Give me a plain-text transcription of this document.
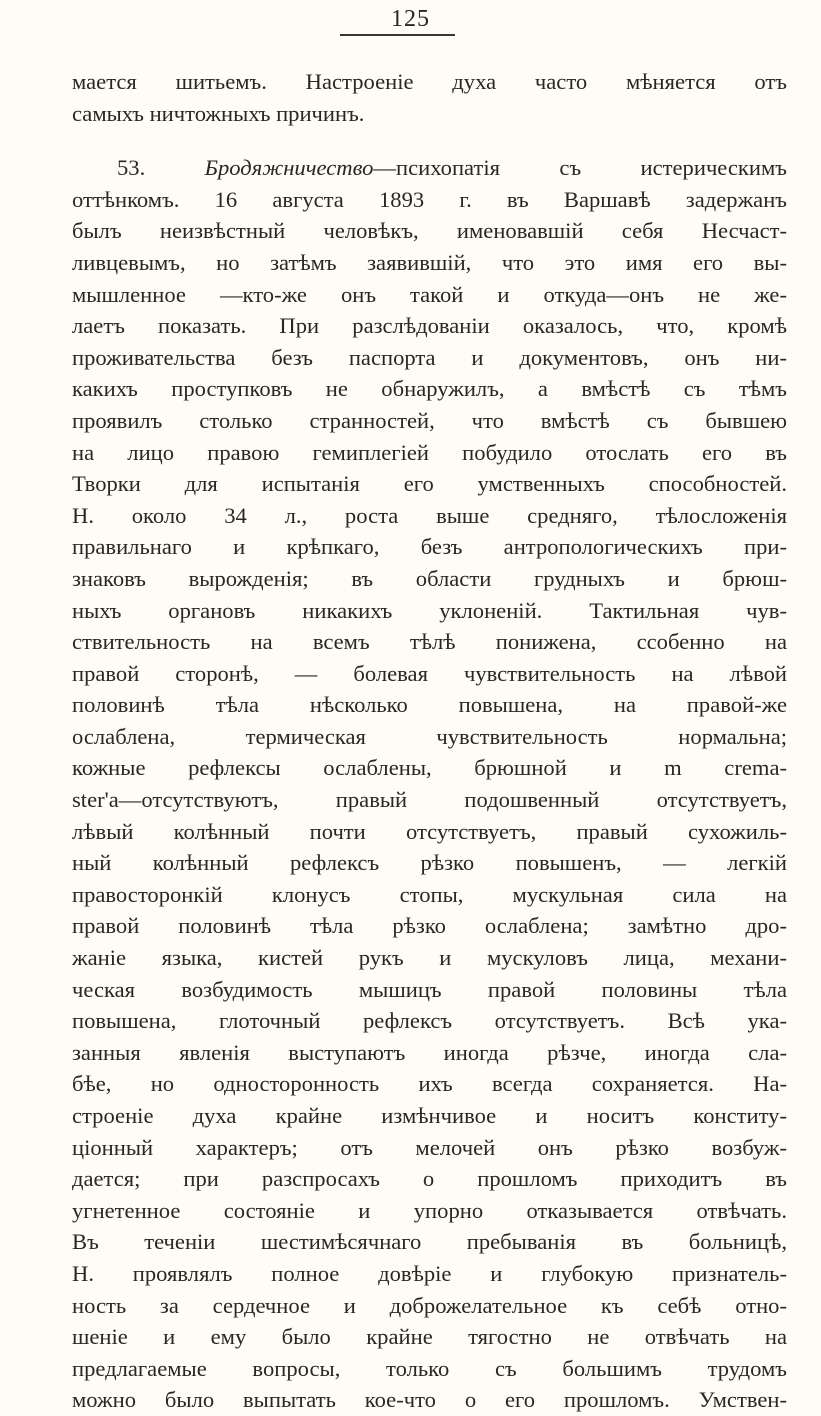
125
мается шитьемъ. Настроеніе духа часто мѣняется отъ
самыхъ ничтожныхъ причинъ.
53.	Бродяжничество—психопатія съ истерическимъ
оттѣнкомъ. 16 августа 1893 г. въ Варшавѣ задержанъ
былъ неизвѣстный человѣкъ, именовавшій себя Несчаст-
ливцевымъ, но затѣмъ заявившій, что это имя его вы-
мышленное —кто-же онъ такой и откуда—онъ не же-
лаетъ показать. При разслѣдованіи оказалось, что, кромѣ
проживательства безъ паспорта и документовъ, онъ ни-
какихъ проступковъ не обнаружилъ, а вмѣстѣ съ тѣмъ
проявилъ столько странностей, что вмѣстѣ съ бывшею
на лицо правою гемиплегіей побудило отослать его въ
Творки для испытанія его умственныхъ способностей.
Н. около 34 л., роста выше средняго, тѣлосложенія
правильнаго и крѣпкаго, безъ антропологическихъ при-
знаковъ вырожденія; въ области грудныхъ и брюш-
ныхъ органовъ никакихъ уклоненій. Тактильная чув-
ствительность на всемъ тѣлѣ понижена, ссобенно на
правой сторонѣ, — болевая чувствительность на лѣвой
половинѣ тѣла нѣсколько повышена, на правой-же
ослаблена, термическая чувствительность нормальна;
кожные рефлексы ослаблены, брюшной и m crema-
ster'a—отсутствуютъ, правый подошвенный отсутствуетъ,
лѣвый колѣнный почти отсутствуетъ, правый сухожиль-
ный колѣнный рефлексъ рѣзко повышенъ, — легкій
правосторонкій клонусъ стопы, мускульная сила на
правой половинѣ тѣла рѣзко ослаблена; замѣтно дро-
жаніе языка, кистей рукъ и мускуловъ лица, механи-
ческая возбудимость мышицъ правой половины тѣла
повышена, глоточный рефлексъ отсутствуетъ. Всѣ ука-
занныя явленія выступаютъ иногда рѣзче, иногда сла-
бѣе, но односторонность ихъ всегда сохраняется. На-
строеніе духа крайне измѣнчивое и носитъ конститу-
ціонный характеръ; отъ мелочей онъ рѣзко возбуж-
дается; при разспросахъ о прошломъ приходитъ въ
угнетенное состояніе и упорно отказывается отвѣчать.
Въ теченіи шестимѣсячнаго пребыванія въ больницѣ,
Н. проявлялъ полное довѣріе и глубокую признатель-
ность за сердечное и доброжелательное къ себѣ отно-
шеніе и ему было крайне тягостно не отвѣчать на
предлагаемые вопросы, только съ большимъ трудомъ
можно было выпытать кое-что о его прошломъ. Умствен-
